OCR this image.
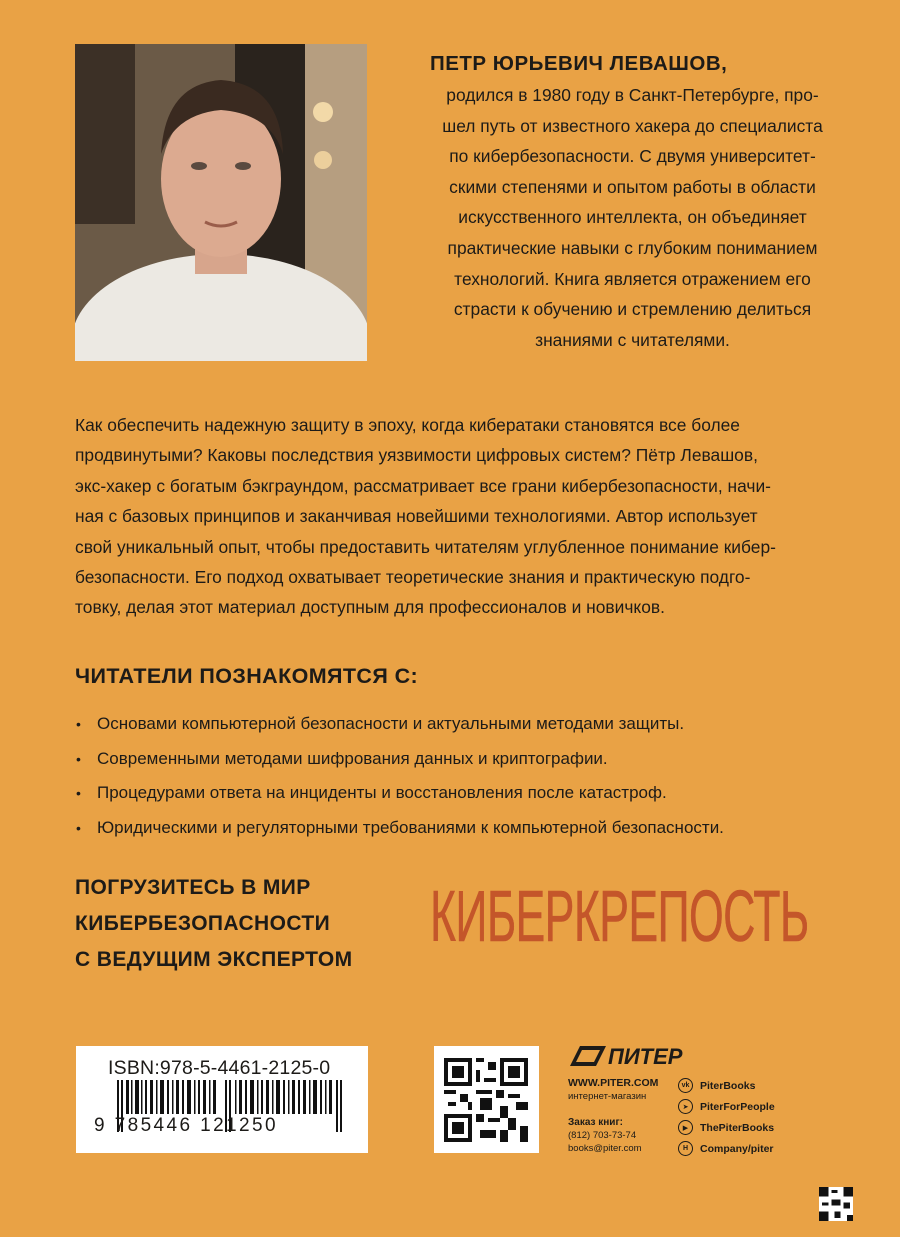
ПЕТР ЮРЬЕВИЧ ЛЕВАШОВ,
родился в 1980 году в Санкт-Петербурге, про-
шел путь от известного хакера до специалиста
по кибербезопасности. С двумя университет-
скими степенями и опытом работы в области
искусственного интеллекта, он объединяет
практические навыки с глубоким пониманием
технологий. Книга является отражением его
страсти к обучению и стремлению делиться
знаниями с читателями.
Как обеспечить надежную защиту в эпоху, когда кибератаки становятся все более
продвинутыми? Каковы последствия уязвимости цифровых систем? Пётр Левашов,
экс-хакер с богатым бэкграундом, рассматривает все грани кибербезопасности, начи-
ная с базовых принципов и заканчивая новейшими технологиями. Автор использует
свой уникальный опыт, чтобы предоставить читателям углубленное понимание кибер-
безопасности. Его подход охватывает теоретические знания и практическую подго-
товку, делая этот материал доступным для профессионалов и новичков.
ЧИТАТЕЛИ ПОЗНАКОМЯТСЯ С:
• Основами компьютерной безопасности и актуальными методами защиты.
• Современными методами шифрования данных и криптографии.
• Процедурами ответа на инциденты и восстановления после катастроф.
• Юридическими и регуляторными требованиями к компьютерной безопасности.
ПОГРУЗИТЕСЬ В МИР
КИБЕРБЕЗОПАСНОСТИ
С ВЕДУЩИМ ЭКСПЕРТОМ
КИБЕРКРЕПОСТЬ
ISBN:978-5-4461-2125-0
9 785446 121250
ПИТЕР
WWW.PITER.COM
интернет-магазин
Заказ книг:
(812) 703-73-74
books@piter.com
vk	PiterBooks
➤	PiterForPeople
▶	ThePiterBooks
H	Company/piter
